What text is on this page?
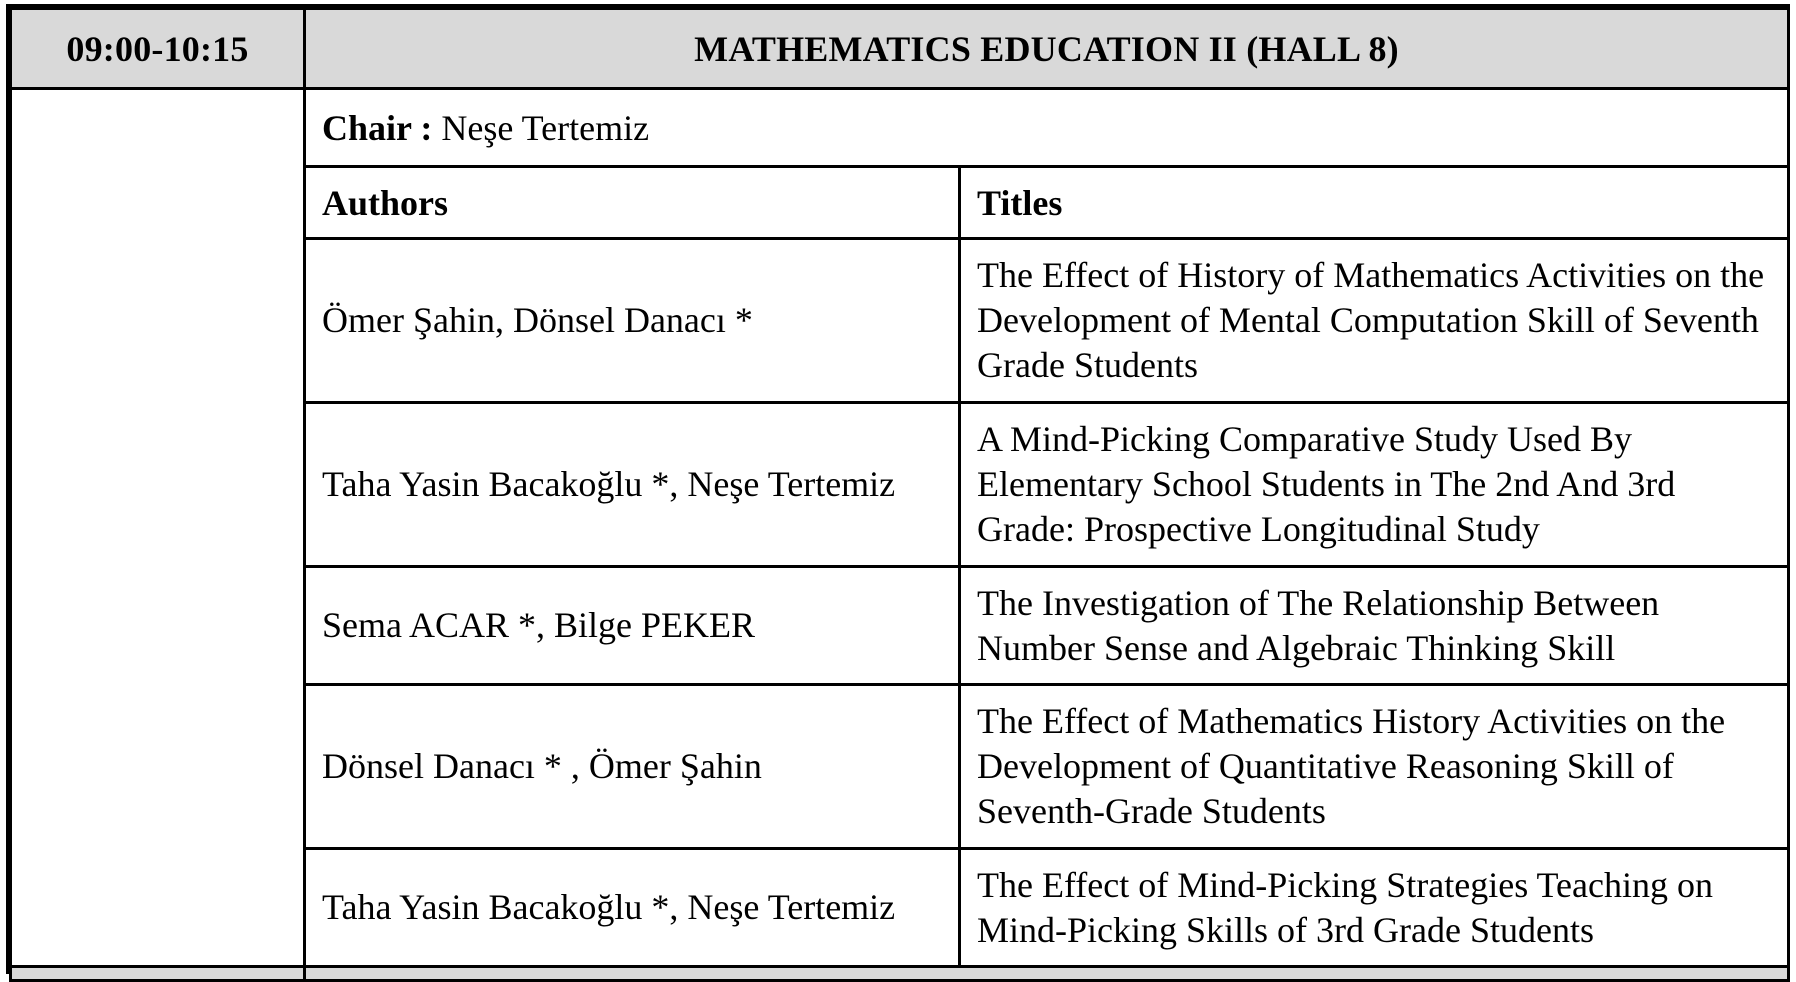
09:00-10:15	MATHEMATICS EDUCATION II (HALL 8)	
	Chair : Neşe Tertemiz	
	Authors	Titles
	Ömer Şahin, Dönsel Danacı *	The Effect of History of Mathematics Activities on the Development of Mental Computation Skill of Seventh Grade Students
	Taha Yasin Bacakoğlu *, Neşe Tertemiz	A Mind-Picking Comparative Study Used By Elementary School Students in The 2nd And 3rd Grade: Prospective Longitudinal Study
	Sema ACAR *, Bilge PEKER	The Investigation of The Relationship Between Number Sense and Algebraic Thinking Skill
	Dönsel Danacı * , Ömer Şahin	The Effect of Mathematics History Activities on the Development of Quantitative Reasoning Skill of Seventh-Grade Students
	Taha Yasin Bacakoğlu *, Neşe Tertemiz	The Effect of Mind-Picking Strategies Teaching on Mind-Picking Skills of 3rd Grade Students
